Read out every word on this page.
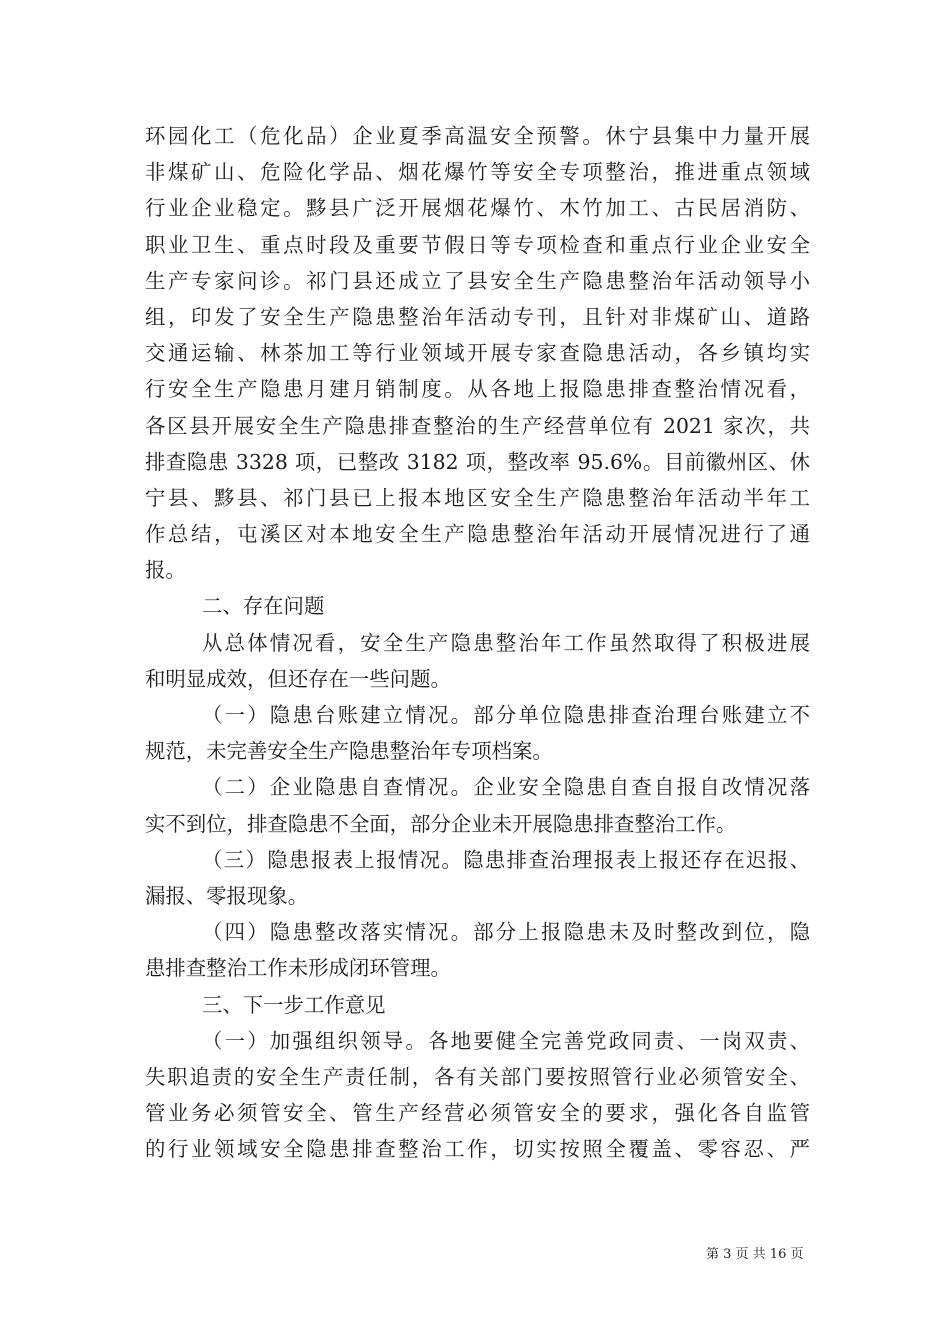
环园化工（危化品）企业夏季高温安全预警。休宁县集中力量开展
非煤矿山、危险化学品、烟花爆竹等安全专项整治，推进重点领域
行业企业稳定。黟县广泛开展烟花爆竹、木竹加工、古民居消防、
职业卫生、重点时段及重要节假日等专项检查和重点行业企业安全
生产专家问诊。祁门县还成立了县安全生产隐患整治年活动领导小
组，印发了安全生产隐患整治年活动专刊，且针对非煤矿山、道路
交通运输、林茶加工等行业领域开展专家查隐患活动，各乡镇均实
行安全生产隐患月建月销制度。从各地上报隐患排查整治情况看，
各区县开展安全生产隐患排查整治的生产经营单位有 2021 家次，共
排查隐患 3328 项，已整改 3182 项，整改率 95.6%。目前徽州区、休
宁县、黟县、祁门县已上报本地区安全生产隐患整治年活动半年工
作总结，屯溪区对本地安全生产隐患整治年活动开展情况进行了通
报。
二、存在问题
从总体情况看，安全生产隐患整治年工作虽然取得了积极进展
和明显成效，但还存在一些问题。
（一）隐患台账建立情况。部分单位隐患排查治理台账建立不
规范，未完善安全生产隐患整治年专项档案。
（二）企业隐患自查情况。企业安全隐患自查自报自改情况落
实不到位，排查隐患不全面，部分企业未开展隐患排查整治工作。
（三）隐患报表上报情况。隐患排查治理报表上报还存在迟报、
漏报、零报现象。
（四）隐患整改落实情况。部分上报隐患未及时整改到位，隐
患排查整治工作未形成闭环管理。
三、下一步工作意见
（一）加强组织领导。各地要健全完善党政同责、一岗双责、
失职追责的安全生产责任制，各有关部门要按照管行业必须管安全、
管业务必须管安全、管生产经营必须管安全的要求，强化各自监管
的行业领域安全隐患排查整治工作，切实按照全覆盖、零容忍、严
第 3 页 共 16 页
